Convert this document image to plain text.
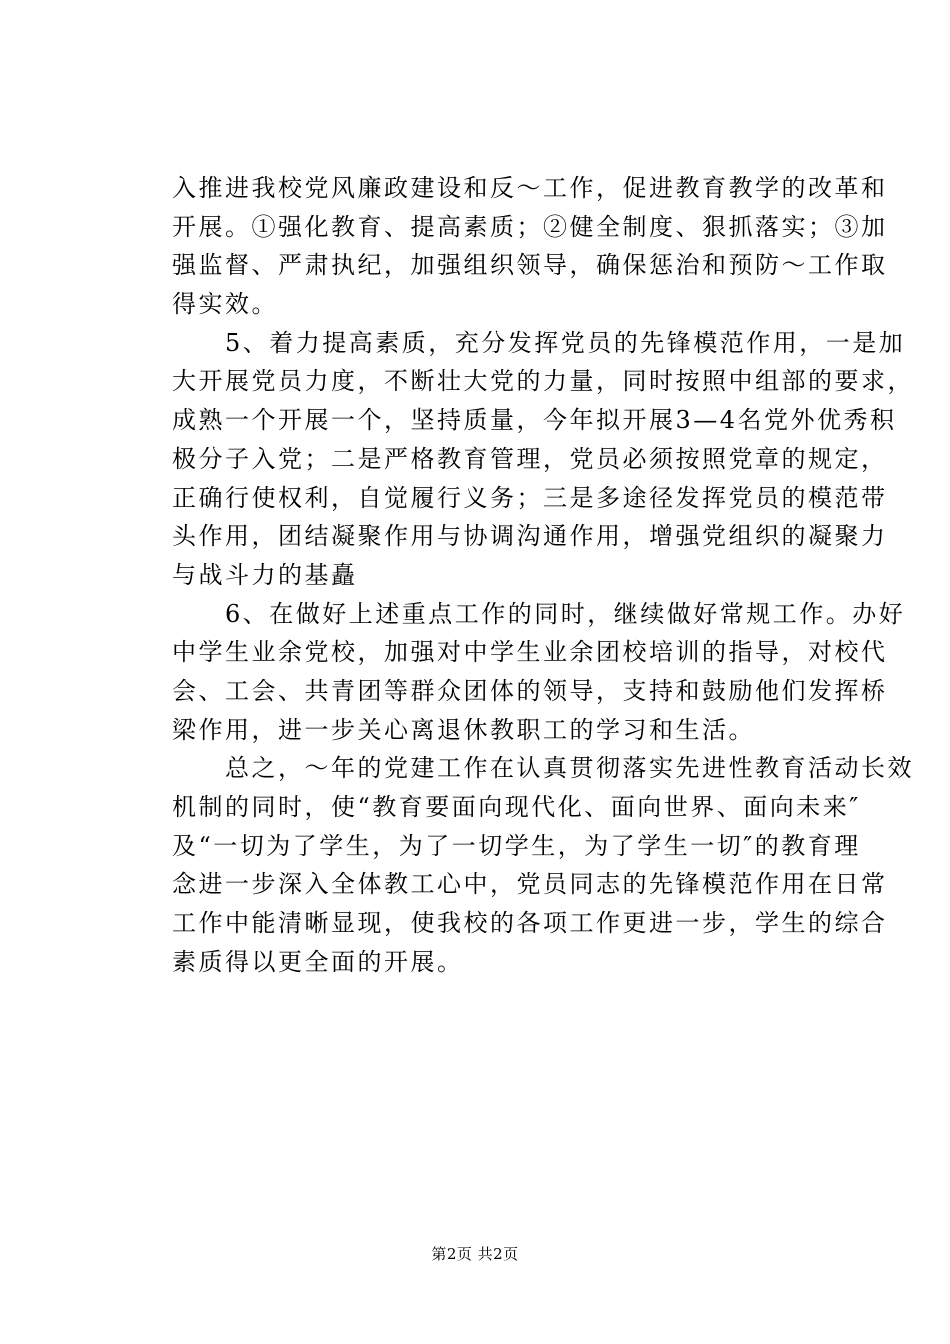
入推进我校党风廉政建设和反～工作，促进教育教学的改革和
开展。①强化教育、提高素质；②健全制度、狠抓落实；③加
强监督、严肃执纪，加强组织领导，确保惩治和预防～工作取
得实效。
　　5、着力提高素质，充分发挥党员的先锋模范作用，一是加
大开展党员力度，不断壮大党的力量，同时按照中组部的要求，
成熟一个开展一个，坚持质量，今年拟开展3—4名党外优秀积
极分子入党；二是严格教育管理，党员必须按照党章的规定，
正确行使权利，自觉履行义务；三是多途径发挥党员的模范带
头作用，团结凝聚作用与协调沟通作用，增强党组织的凝聚力
与战斗力的基矗
　　6、在做好上述重点工作的同时，继续做好常规工作。办好
中学生业余党校，加强对中学生业余团校培训的指导，对校代
会、工会、共青团等群众团体的领导，支持和鼓励他们发挥桥
梁作用，进一步关心离退休教职工的学习和生活。
　　总之，～年的党建工作在认真贯彻落实先进性教育活动长效
机制的同时，使“教育要面向现代化、面向世界、面向未来″
及“一切为了学生，为了一切学生，为了学生一切″的教育理
念进一步深入全体教工心中，党员同志的先锋模范作用在日常
工作中能清晰显现，使我校的各项工作更进一步，学生的综合
素质得以更全面的开展。
第2页 共2页
